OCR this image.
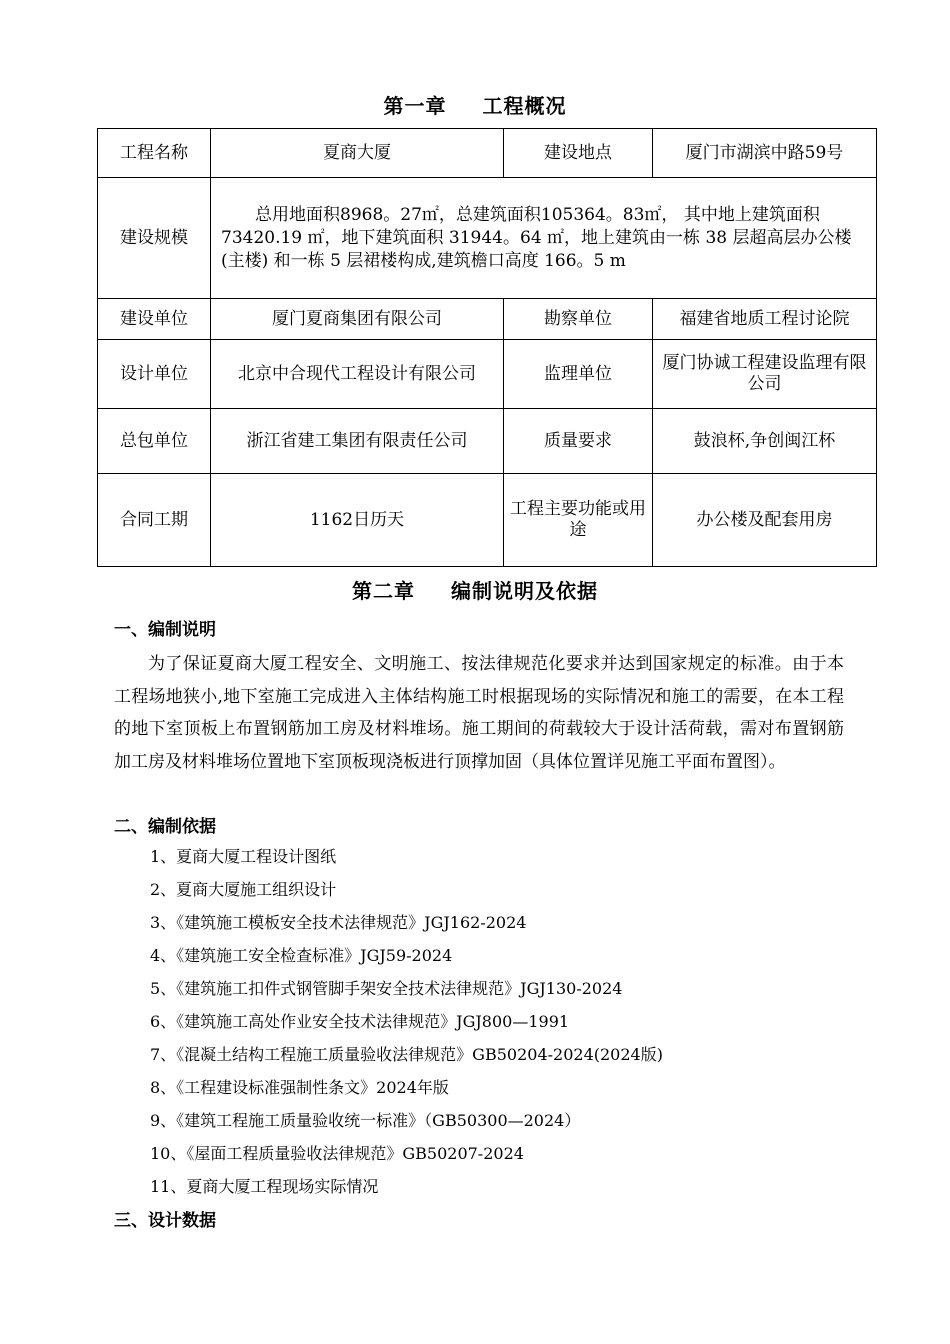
第一章 工程概况
工程名称	夏商大厦	建设地点	厦门市湖滨中路59号
建设规模	总用地面积8968。27㎡，总建筑面积105364。83㎡， 其中地上建筑面积 73420.19 ㎡，地下建筑面积 31944。64 ㎡，地上建筑由一栋 38 层超高层办公楼(主楼) 和一栋 5 层裙楼构成,建筑檐口高度 166。5 m		
建设单位	厦门夏商集团有限公司	勘察单位	福建省地质工程讨论院
设计单位	北京中合现代工程设计有限公司	监理单位	厦门协诚工程建设监理有限公司
总包单位	浙江省建工集团有限责任公司	质量要求	鼓浪杯,争创闽江杯
合同工期	1162日历天	工程主要功能或用途	办公楼及配套用房
第二章 编制说明及依据
一、编制说明
为了保证夏商大厦工程安全、文明施工、按法律规范化要求并达到国家规定的标准。由于本工程场地狭小,地下室施工完成进入主体结构施工时根据现场的实际情况和施工的需要，在本工程的地下室顶板上布置钢筋加工房及材料堆场。施工期间的荷载较大于设计活荷载，需对布置钢筋加工房及材料堆场位置地下室顶板现浇板进行顶撑加固（具体位置详见施工平面布置图）。
二、编制依据
1、夏商大厦工程设计图纸
2、夏商大厦施工组织设计
3、《建筑施工模板安全技术法律规范》JGJ162-2024
4、《建筑施工安全检查标准》JGJ59-2024
5、《建筑施工扣件式钢管脚手架安全技术法律规范》JGJ130-2024
6、《建筑施工高处作业安全技术法律规范》JGJ800—1991
7、《混凝土结构工程施工质量验收法律规范》GB50204-2024(2024版)
8、《工程建设标准强制性条文》2024年版
9、《建筑工程施工质量验收统一标准》（GB50300—2024）
10、《屋面工程质量验收法律规范》GB50207-2024
11、夏商大厦工程现场实际情况
三、设计数据
